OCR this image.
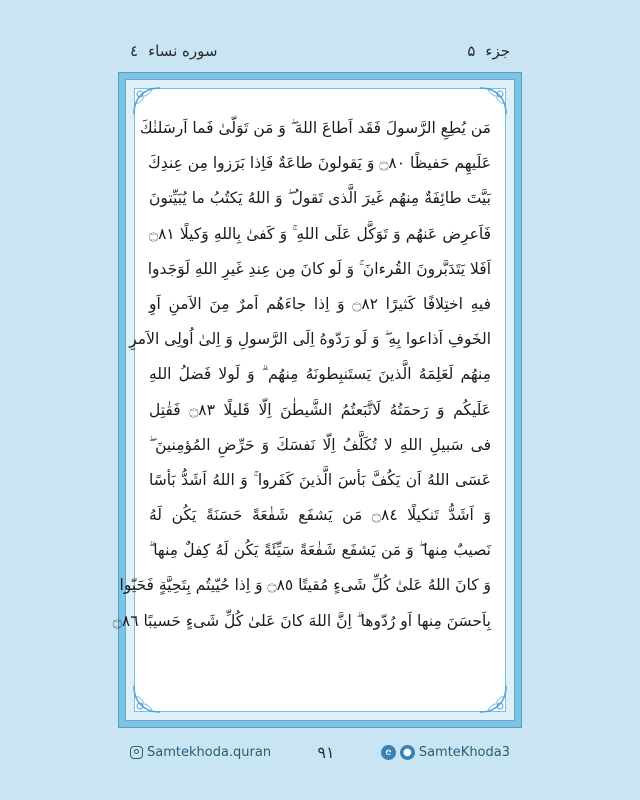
جزء
۵
سوره نساء
٤
مَن يُطِعِ الرَّسولَ فَقَد اَطاعَ اللهَ ۖ وَ مَن تَوَلّىٰ فَما اَرسَلنٰكَ
عَلَيهِم حَفيظًا ۝٨٠ وَ يَقولونَ طاعَةٌ فَاِذا بَرَزوا مِن عِندِكَ
بَيَّتَ طائِفَةٌ مِنهُم غَيرَ الَّذى تَقولُ ۖ وَ اللهُ يَكتُبُ ما يُبَيِّتونَ
فَاَعرِض عَنهُم وَ تَوَكَّل عَلَى اللهِ ۚ وَ كَفىٰ بِاللهِ وَكيلًا ۝٨١
اَفَلا يَتَدَبَّرونَ القُرءانَ ۚ وَ لَو كانَ مِن عِندِ غَيرِ اللهِ لَوَجَدوا
فيهِ اختِلافًا كَثيرًا ۝٨٢ وَ اِذا جاءَهُم اَمرٌ مِنَ الاَمنِ اَوِ
الخَوفِ اَذاعوا بِهِ ۖ وَ لَو رَدّوهُ اِلَى الرَّسولِ وَ اِلىٰ اُولِى الاَمرِ
مِنهُم لَعَلِمَهُ الَّذينَ يَستَنبِطونَهُ مِنهُم ۗ وَ لَولا فَضلُ اللهِ
عَلَيكُم وَ رَحمَتُهُ لَاتَّبَعتُمُ الشَّيطٰنَ اِلّا قَليلًا ۝٨٣ فَقٰتِل
فى سَبيلِ اللهِ لا تُكَلَّفُ اِلّا نَفسَكَ وَ حَرِّضِ المُؤمِنينَ ۖ
عَسَى اللهُ اَن يَكُفَّ بَأسَ الَّذينَ كَفَروا ۚ وَ اللهُ اَشَدُّ بَأسًا
وَ اَشَدُّ تَنكيلًا ۝٨٤ مَن يَشفَع شَفٰعَةً حَسَنَةً يَكُن لَهُ
نَصيبٌ مِنها ۖ وَ مَن يَشفَع شَفٰعَةً سَيِّئَةً يَكُن لَهُ كِفلٌ مِنها ۗ
وَ كانَ اللهُ عَلىٰ كُلِّ شَىءٍ مُقيتًا ۝٨٥ وَ اِذا حُيّيتُم بِتَحِيَّةٍ فَحَيّوا
بِاَحسَنَ مِنها اَو رُدّوها ۗ اِنَّ اللهَ كانَ عَلىٰ كُلِّ شَىءٍ حَسيبًا ۝٨٦
Samtekhoda.quran	۹۱	e	● SamteKhoda3
